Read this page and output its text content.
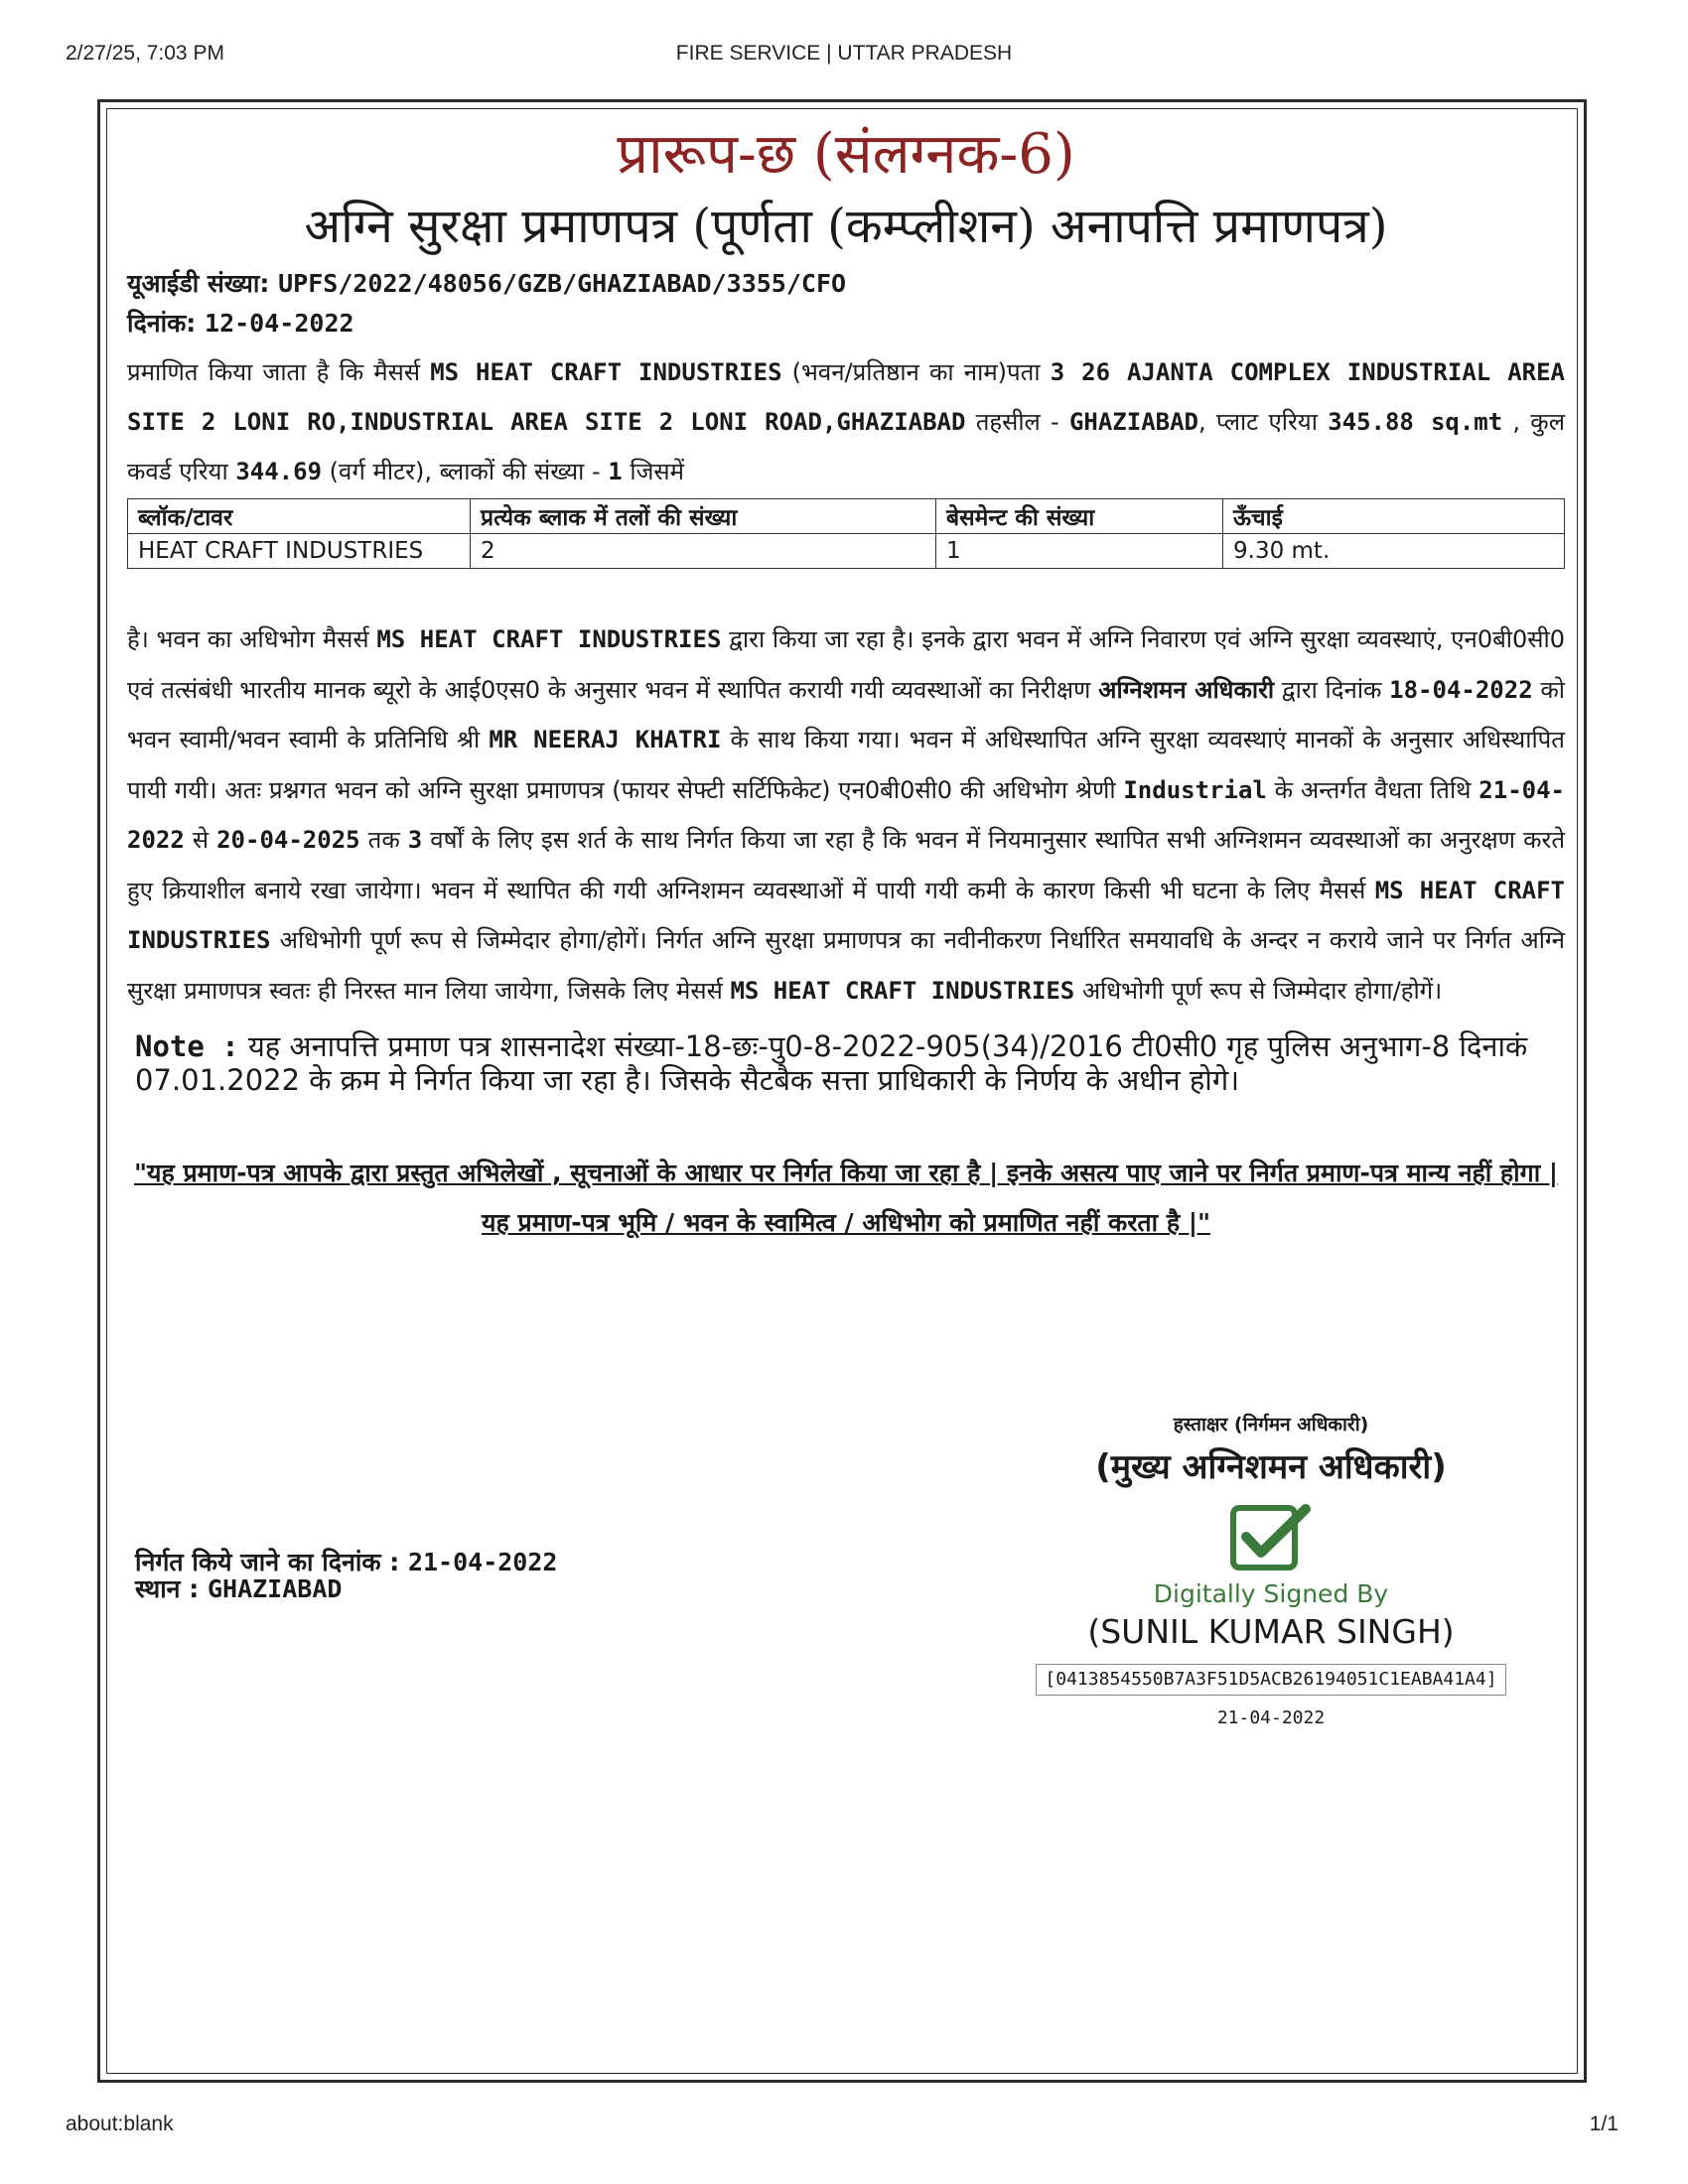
2/27/25, 7:03 PM	FIRE SERVICE | UTTAR PRADESH
प्रारूप-छ (संलग्नक-6)
अग्नि सुरक्षा प्रमाणपत्र (पूर्णता (कम्प्लीशन) अनापत्ति प्रमाणपत्र)
यूआईडी संख्या: UPFS/2022/48056/GZB/GHAZIABAD/3355/CFO
दिनांक: 12-04-2022
प्रमाणित किया जाता है कि मैसर्स MS HEAT CRAFT INDUSTRIES (भवन/प्रतिष्ठान का नाम)पता 3 26 AJANTA COMPLEX INDUSTRIAL AREA SITE 2 LONI RO,INDUSTRIAL AREA SITE 2 LONI ROAD,GHAZIABAD तहसील - GHAZIABAD, प्लाट एरिया 345.88 sq.mt , कुल कवर्ड एरिया 344.69 (वर्ग मीटर), ब्लाकों की संख्या - 1 जिसमें
ब्लॉक/टावर	प्रत्येक ब्लाक में तलों की संख्या	बेसमेन्ट की संख्या	ऊँचाई
HEAT CRAFT INDUSTRIES	2	1	9.30 mt.
है। भवन का अधिभोग मैसर्स MS HEAT CRAFT INDUSTRIES द्वारा किया जा रहा है। इनके द्वारा भवन में अग्नि निवारण एवं अग्नि सुरक्षा व्यवस्थाएं, एन0बी0सी0 एवं तत्संबंधी भारतीय मानक ब्यूरो के आई0एस0 के अनुसार भवन में स्थापित करायी गयी व्यवस्थाओं का निरीक्षण अग्निशमन अधिकारी द्वारा दिनांक 18-04-2022 को भवन स्वामी/भवन स्वामी के प्रतिनिधि श्री MR NEERAJ KHATRI के साथ किया गया। भवन में अधिस्थापित अग्नि सुरक्षा व्यवस्थाएं मानकों के अनुसार अधिस्थापित पायी गयी। अतः प्रश्नगत भवन को अग्नि सुरक्षा प्रमाणपत्र (फायर सेफ्टी सर्टिफिकेट) एन0बी0सी0 की अधिभोग श्रेणी Industrial के अन्तर्गत वैधता तिथि 21-04-2022 से 20-04-2025 तक 3 वर्षों के लिए इस शर्त के साथ निर्गत किया जा रहा है कि भवन में नियमानुसार स्थापित सभी अग्निशमन व्यवस्थाओं का अनुरक्षण करते हुए क्रियाशील बनाये रखा जायेगा। भवन में स्थापित की गयी अग्निशमन व्यवस्थाओं में पायी गयी कमी के कारण किसी भी घटना के लिए मैसर्स MS HEAT CRAFT INDUSTRIES अधिभोगी पूर्ण रूप से जिम्मेदार होगा/होगें। निर्गत अग्नि सुरक्षा प्रमाणपत्र का नवीनीकरण निर्धारित समयावधि के अन्दर न कराये जाने पर निर्गत अग्नि सुरक्षा प्रमाणपत्र स्वतः ही निरस्त मान लिया जायेगा, जिसके लिए मेसर्स MS HEAT CRAFT INDUSTRIES अधिभोगी पूर्ण रूप से जिम्मेदार होगा/होगें।
Note : यह अनापत्ति प्रमाण पत्र शासनादेश संख्या-18-छः-पु0-8-2022-905(34)/2016 टी0सी0 गृह पुलिस अनुभाग-8 दिनाकं 07.01.2022 के क्रम मे निर्गत किया जा रहा है। जिसके सैटबैक सत्ता प्राधिकारी के निर्णय के अधीन होगे।
"यह प्रमाण-पत्र आपके द्वारा प्रस्तुत अभिलेखों , सूचनाओं के आधार पर निर्गत किया जा रहा है | इनके असत्य पाए जाने पर निर्गत प्रमाण-पत्र मान्य नहीं होगा | यह प्रमाण-पत्र भूमि / भवन के स्वामित्व / अधिभोग को प्रमाणित नहीं करता है |"
हस्ताक्षर (निर्गमन अधिकारी)
(मुख्य अग्निशमन अधिकारी)
Digitally Signed By
(SUNIL KUMAR SINGH)
[0413854550B7A3F51D5ACB26194051C1EABA41A4]
21-04-2022
निर्गत किये जाने का दिनांक : 21-04-2022
स्थान : GHAZIABAD
about:blank	1/1
